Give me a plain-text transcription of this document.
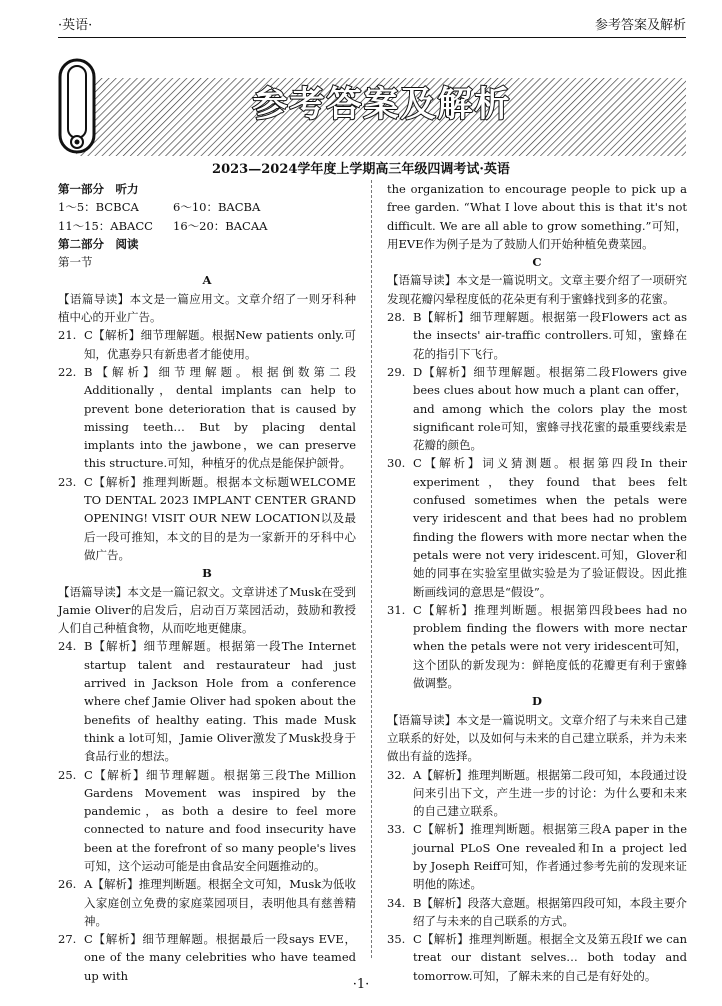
·英语·	参考答案及解析
参考答案及解析
2023—2024学年度上学期高三年级四调考试·英语
第一部分　听力
1～5：BCBCA	6～10：BACBA
11～15：ABACC	16～20：BACAA
第二部分　阅读
第一节
A
【语篇导读】本文是一篇应用文。文章介绍了一则牙科种植中心的开业广告。
21. C【解析】细节理解题。根据New patients only.可知，优惠券只有新患者才能使用。
22. B【解析】细节理解题。根据倒数第二段Additionally，dental implants can help to prevent bone deterioration that is caused by missing teeth… But by placing dental implants into the jawbone，we can preserve this structure.可知，种植牙的优点是能保护颌骨。
23. C【解析】推理判断题。根据本文标题WELCOME TO DENTAL 2023 IMPLANT CENTER GRAND OPENING! VISIT OUR NEW LOCATION以及最后一段可推知，本文的目的是为一家新开的牙科中心做广告。
B
【语篇导读】本文是一篇记叙文。文章讲述了Musk在受到Jamie Oliver的启发后，启动百万菜园活动，鼓励和教授人们自己种植食物，从而吃地更健康。
24. B【解析】细节理解题。根据第一段The Internet startup talent and restaurateur had just arrived in Jackson Hole from a conference where chef Jamie Oliver had spoken about the benefits of healthy eating. This made Musk think a lot可知，Jamie Oliver激发了Musk投身于食品行业的想法。
25. C【解析】细节理解题。根据第三段The Million Gardens Movement was inspired by the pandemic，as both a desire to feel more connected to nature and food insecurity have been at the forefront of so many people's lives可知，这个运动可能是由食品安全问题推动的。
26. A【解析】推理判断题。根据全文可知，Musk为低收入家庭创立免费的家庭菜园项目，表明他具有慈善精神。
27. C【解析】细节理解题。根据最后一段says EVE，one of the many celebrities who have teamed up with
the organization to encourage people to pick up a free garden. “What I love about this is that it's not difficult. We are all able to grow something.”可知，用EVE作为例子是为了鼓励人们开始种植免费菜园。
C
【语篇导读】本文是一篇说明文。文章主要介绍了一项研究发现花瓣闪晕程度低的花朵更有利于蜜蜂找到多的花蜜。
28. B【解析】细节理解题。根据第一段Flowers act as the insects' air-traffic controllers.可知，蜜蜂在花的指引下飞行。
29. D【解析】细节理解题。根据第二段Flowers give bees clues about how much a plant can offer，and among which the colors play the most significant role可知，蜜蜂寻找花蜜的最重要线索是花瓣的颜色。
30. C【解析】词义猜测题。根据第四段In their experiment，they found that bees felt confused sometimes when the petals were very iridescent and that bees had no problem finding the flowers with more nectar when the petals were not very iridescent.可知，Glover和她的同事在实验室里做实验是为了验证假设。因此推断画线词的意思是“假设”。
31. C【解析】推理判断题。根据第四段bees had no problem finding the flowers with more nectar when the petals were not very iridescent可知，这个团队的新发现为：鲜艳度低的花瓣更有利于蜜蜂做调整。
D
【语篇导读】本文是一篇说明文。文章介绍了与未来自己建立联系的好处，以及如何与未来的自己建立联系，并为未来做出有益的选择。
32. A【解析】推理判断题。根据第二段可知，本段通过设问来引出下文，产生进一步的讨论：为什么要和未来的自己建立联系。
33. C【解析】推理判断题。根据第三段A paper in the journal PLoS One revealed和In a project led by Joseph Reiff可知，作者通过参考先前的发现来证明他的陈述。
34. B【解析】段落大意题。根据第四段可知，本段主要介绍了与未来的自己联系的方式。
35. C【解析】推理判断题。根据全文及第五段If we can treat our distant selves… both today and tomorrow.可知，了解未来的自己是有好处的。
·1·
